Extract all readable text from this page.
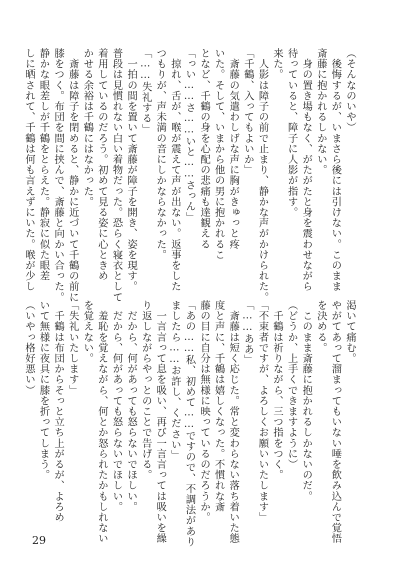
（そんなのいや）
　後悔するが、いまさら後には引けない。このまま
斎藤に抱かれるしかない。
　身の置き場もなく、がたがたと身を震わせながら
待っていると、障子に人影が指す。
来た。
　人影は障子の前で止まり、静かな声がかけられた。
「千鶴、入ってもよいか」
　斎藤の気遣わしげな声に胸がきゅっと疼
いた。そして、いまから他の男に抱かれるこ
となど、千鶴の身を心配の悲痛も達観える
「っい……さ……いと……さっん」
　掠れ、舌が、喉が震えて声が出ない。返事をした
つもりが、声未満の音にしかならなかった。
「……失礼する」
　一拍の間を置いて斎藤が障子を開き、姿を現す。
普段は見慣れない白い着物だった。恐らく寝衣として
着用しているのだろう。初めて見る姿に心ときめ
かせる余裕は千鶴にはなかった。
　斎藤は障子を閉めると、静かに近づいて千鶴の前に
膝をつく。布団を間に挟んで、斎藤と向かい合った。
静かな眼差しが千鶴をとらえた。静寂に似た眼差
しに晒されて、千鶴は何も言えずにいた。喉が少し
渇いて痛む。
やがてあって溜まってもいない唾を飲み込んで覚悟
を決める。
　このまま斎藤に抱かれるしかないのだ。
（どうか、上手くできますように）
　千鶴は祈りながら、三つ指をつく。
「不束者ですが、よろしくお願いいたします」
「……ああ」
　斎藤は短く応じた。常と変わらない落ち着いた態
度と声に、千鶴は嬉しくなった。不慣れな斎
藤の目に自分は無様に映っているのだろうか。
「あの……私、初めて……ですので、不調法があり
ましたら……お許し、ください」
　一言言って息を吸い、再び一言言っては吸いを繰
り返しながらやっとのことで告げる。
　だから、何があっても怒らないでほしい。
　だから、何があっても怒らないでほしい。
　羞恥を覚えながら、何とか怒られたかもしれない
を覚えない。
「失礼いたします」
　千鶴は布団からそっと立ち上がるが、よろめ
いて無様に夜具に膝を折ってしまう。
（いやっ格好悪い）
29
